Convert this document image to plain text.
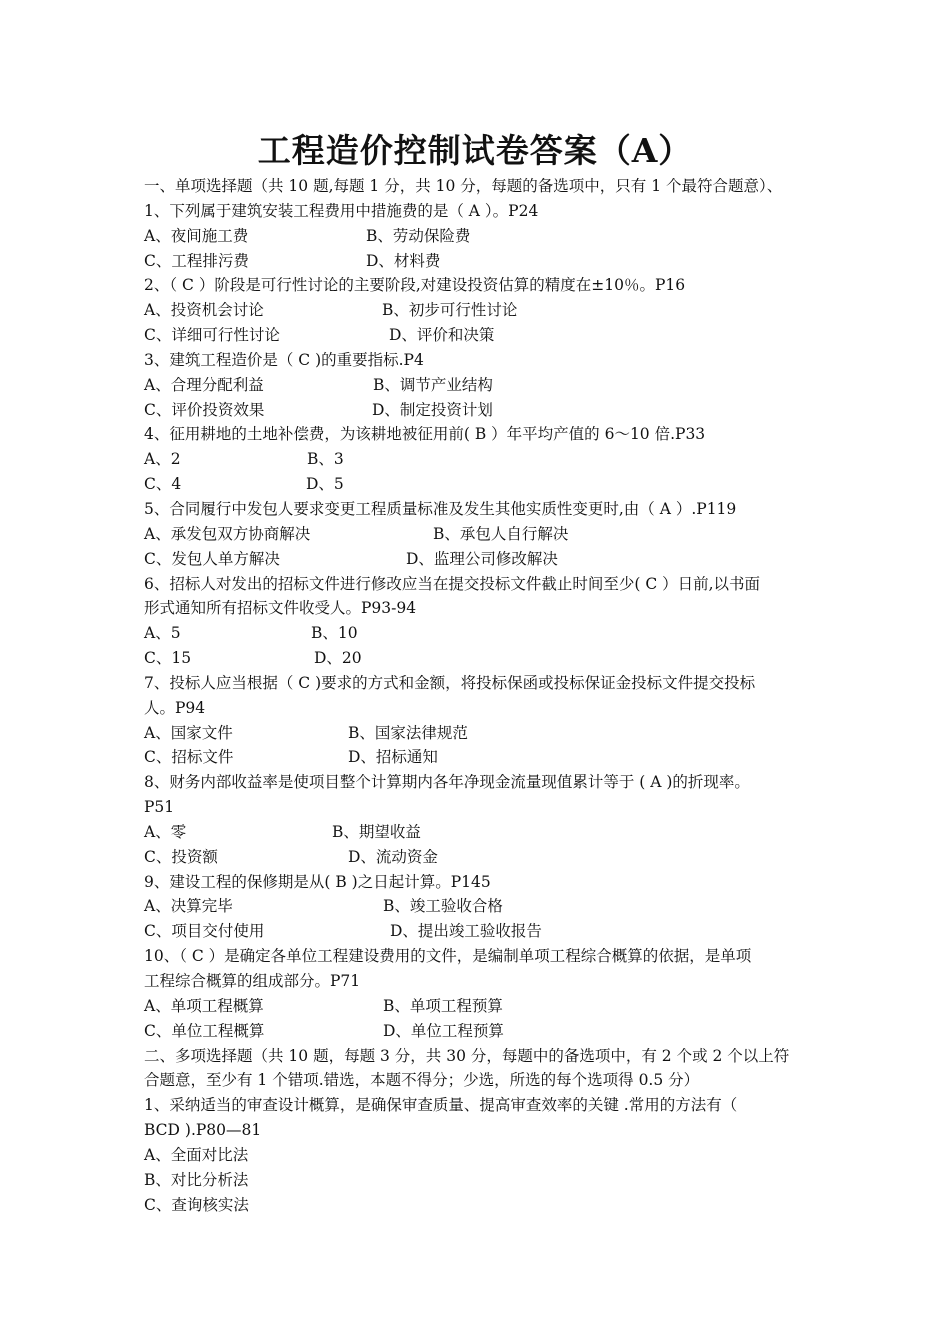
工程造价控制试卷答案（A）
一、单项选择题（共 10 题,每题 1 分，共 10 分，每题的备选项中，只有 1 个最符合题意）、
1、下列属于建筑安装工程费用中措施费的是（ A ）。P24
A、夜间施工费	B、劳动保险费
C、工程排污费	D、材料费
2、（ C ）阶段是可行性讨论的主要阶段,对建设投资估算的精度在±10％。P16
A、投资机会讨论	B、初步可行性讨论
C、详细可行性讨论	D、评价和决策
3、建筑工程造价是（ C )的重要指标.P4
A、合理分配利益	B、调节产业结构
C、评价投资效果	D、制定投资计划
4、征用耕地的土地补偿费，为该耕地被征用前( B ）年平均产值的 6～10 倍.P33
A、2	B、3
C、4	D、5
5、合同履行中发包人要求变更工程质量标准及发生其他实质性变更时,由（ A ）.P119
A、承发包双方协商解决	B、承包人自行解决
C、发包人单方解决	D、监理公司修改解决
6、招标人对发出的招标文件进行修改应当在提交投标文件截止时间至少( C ）日前,以书面
形式通知所有招标文件收受人。P93-94
A、5	B、10
C、15	D、20
7、投标人应当根据（ C )要求的方式和金额，将投标保函或投标保证金投标文件提交投标
人。P94
A、国家文件	B、国家法律规范
C、招标文件	D、招标通知
8、财务内部收益率是使项目整个计算期内各年净现金流量现值累计等于 ( A )的折现率。
P51
A、零	B、期望收益
C、投资额	D、流动资金
9、建设工程的保修期是从( B )之日起计算。P145
A、决算完毕	B、竣工验收合格
C、项目交付使用	D、提出竣工验收报告
10、（ C ）是确定各单位工程建设费用的文件，是编制单项工程综合概算的依据，是单项
工程综合概算的组成部分。P71
A、单项工程概算	B、单项工程预算
C、单位工程概算	D、单位工程预算
二、多项选择题（共 10 题，每题 3 分，共 30 分，每题中的备选项中，有 2 个或 2 个以上符
合题意，至少有 1 个错项.错选，本题不得分；少选，所选的每个选项得 0.5 分）
1、采纳适当的审查设计概算，是确保审查质量、提高审查效率的关键 .常用的方法有（
BCD ).P80—81
A、全面对比法
B、对比分析法
C、查询核实法
